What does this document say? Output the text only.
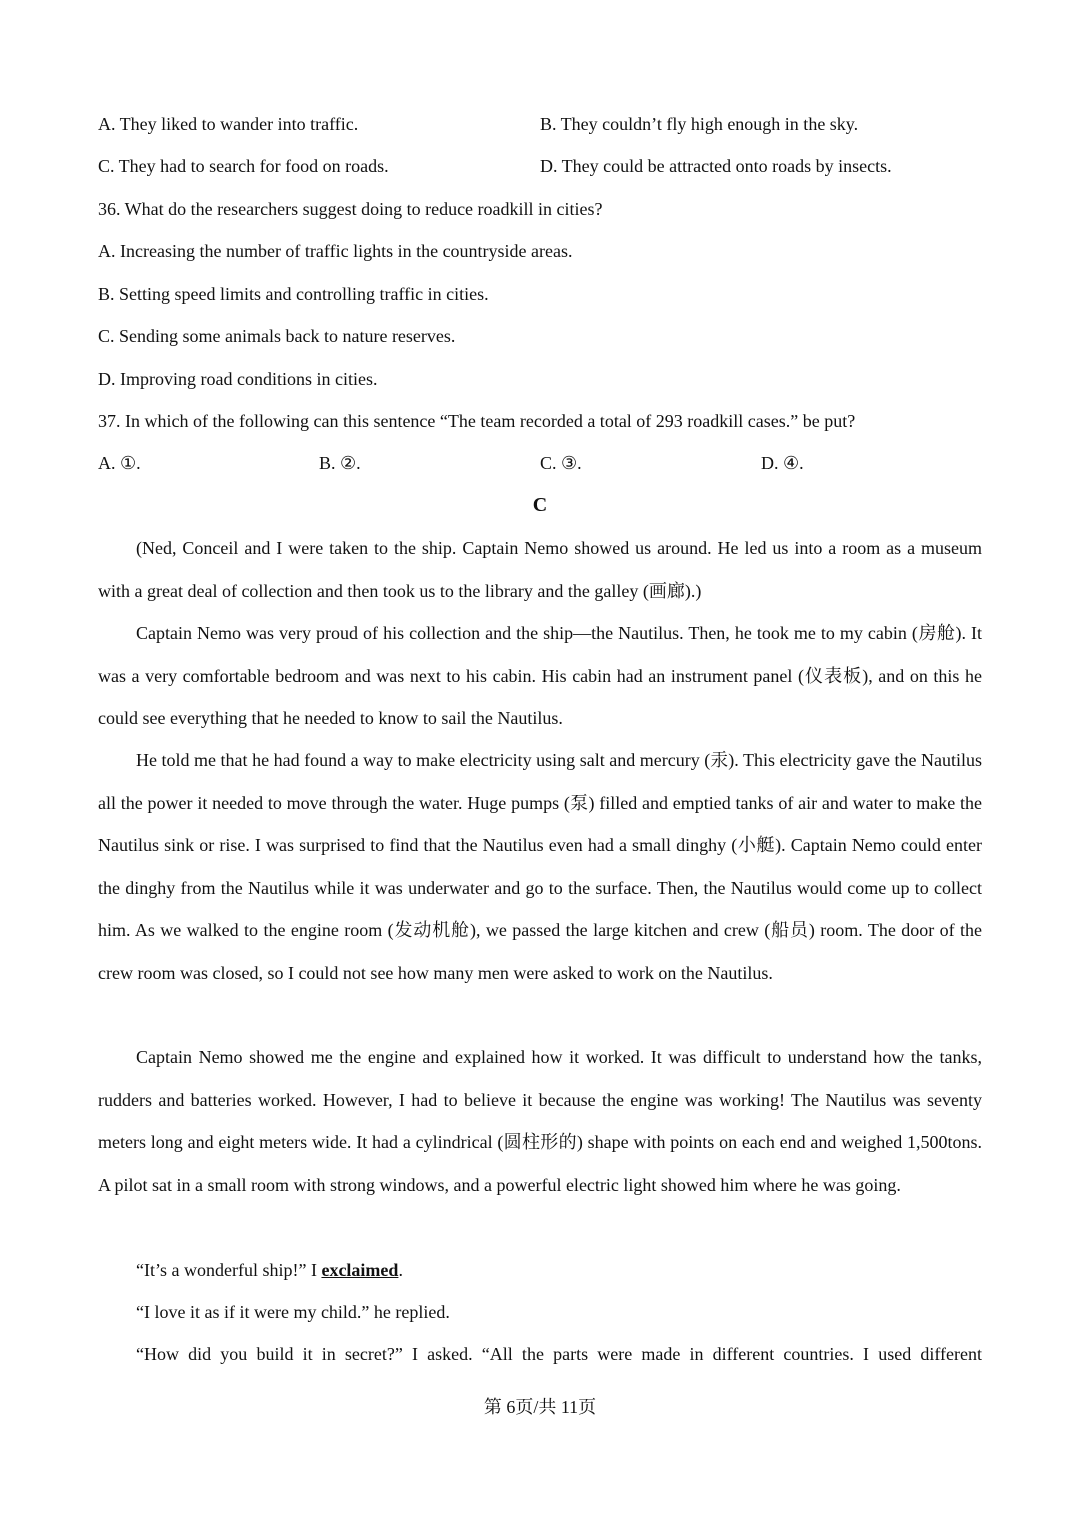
A. They liked to wander into traffic.	B. They couldn’t fly high enough in the sky.
C. They had to search for food on roads.	D. They could be attracted onto roads by insects.
36. What do the researchers suggest doing to reduce roadkill in cities?
A. Increasing the number of traffic lights in the countryside areas.
B. Setting speed limits and controlling traffic in cities.
C. Sending some animals back to nature reserves.
D. Improving road conditions in cities.
37. In which of the following can this sentence “The team recorded a total of 293 roadkill cases.” be put?
A. ①.	B. ②.	C. ③.	D. ④.
C

(Ned, Conceil and I were taken to the ship. Captain Nemo showed us around. He led us into a room as a museum with a great deal of collection and then took us to the library and the galley (画廊).)

Captain Nemo was very proud of his collection and the ship—the Nautilus. Then, he took me to my cabin (房舱). It was a very comfortable bedroom and was next to his cabin. His cabin had an instrument panel (仪表板), and on this he could see everything that he needed to know to sail the Nautilus.

He told me that he had found a way to make electricity using salt and mercury (汞). This electricity gave the Nautilus all the power it needed to move through the water. Huge pumps (泵) filled and emptied tanks of air and water to make the Nautilus sink or rise. I was surprised to find that the Nautilus even had a small dinghy (小艇). Captain Nemo could enter the dinghy from the Nautilus while it was underwater and go to the surface. Then, the Nautilus would come up to collect him. As we walked to the engine room (发动机舱), we passed the large kitchen and crew (船员) room. The door of the crew room was closed, so I could not see how many men were asked to work on the Nautilus.

Captain Nemo showed me the engine and explained how it worked. It was difficult to understand how the tanks, rudders and batteries worked. However, I had to believe it because the engine was working! The Nautilus was seventy meters long and eight meters wide. It had a cylindrical (圆柱形的) shape with points on each end and weighed 1,500tons. A pilot sat in a small room with strong windows, and a powerful electric light showed him where he was going.

“It’s a wonderful ship!” I exclaimed.
“I love it as if it were my child.” he replied.

“How did you build it in secret?” I asked. “All the parts were made in different countries. I used different

第 6页/共 11页
